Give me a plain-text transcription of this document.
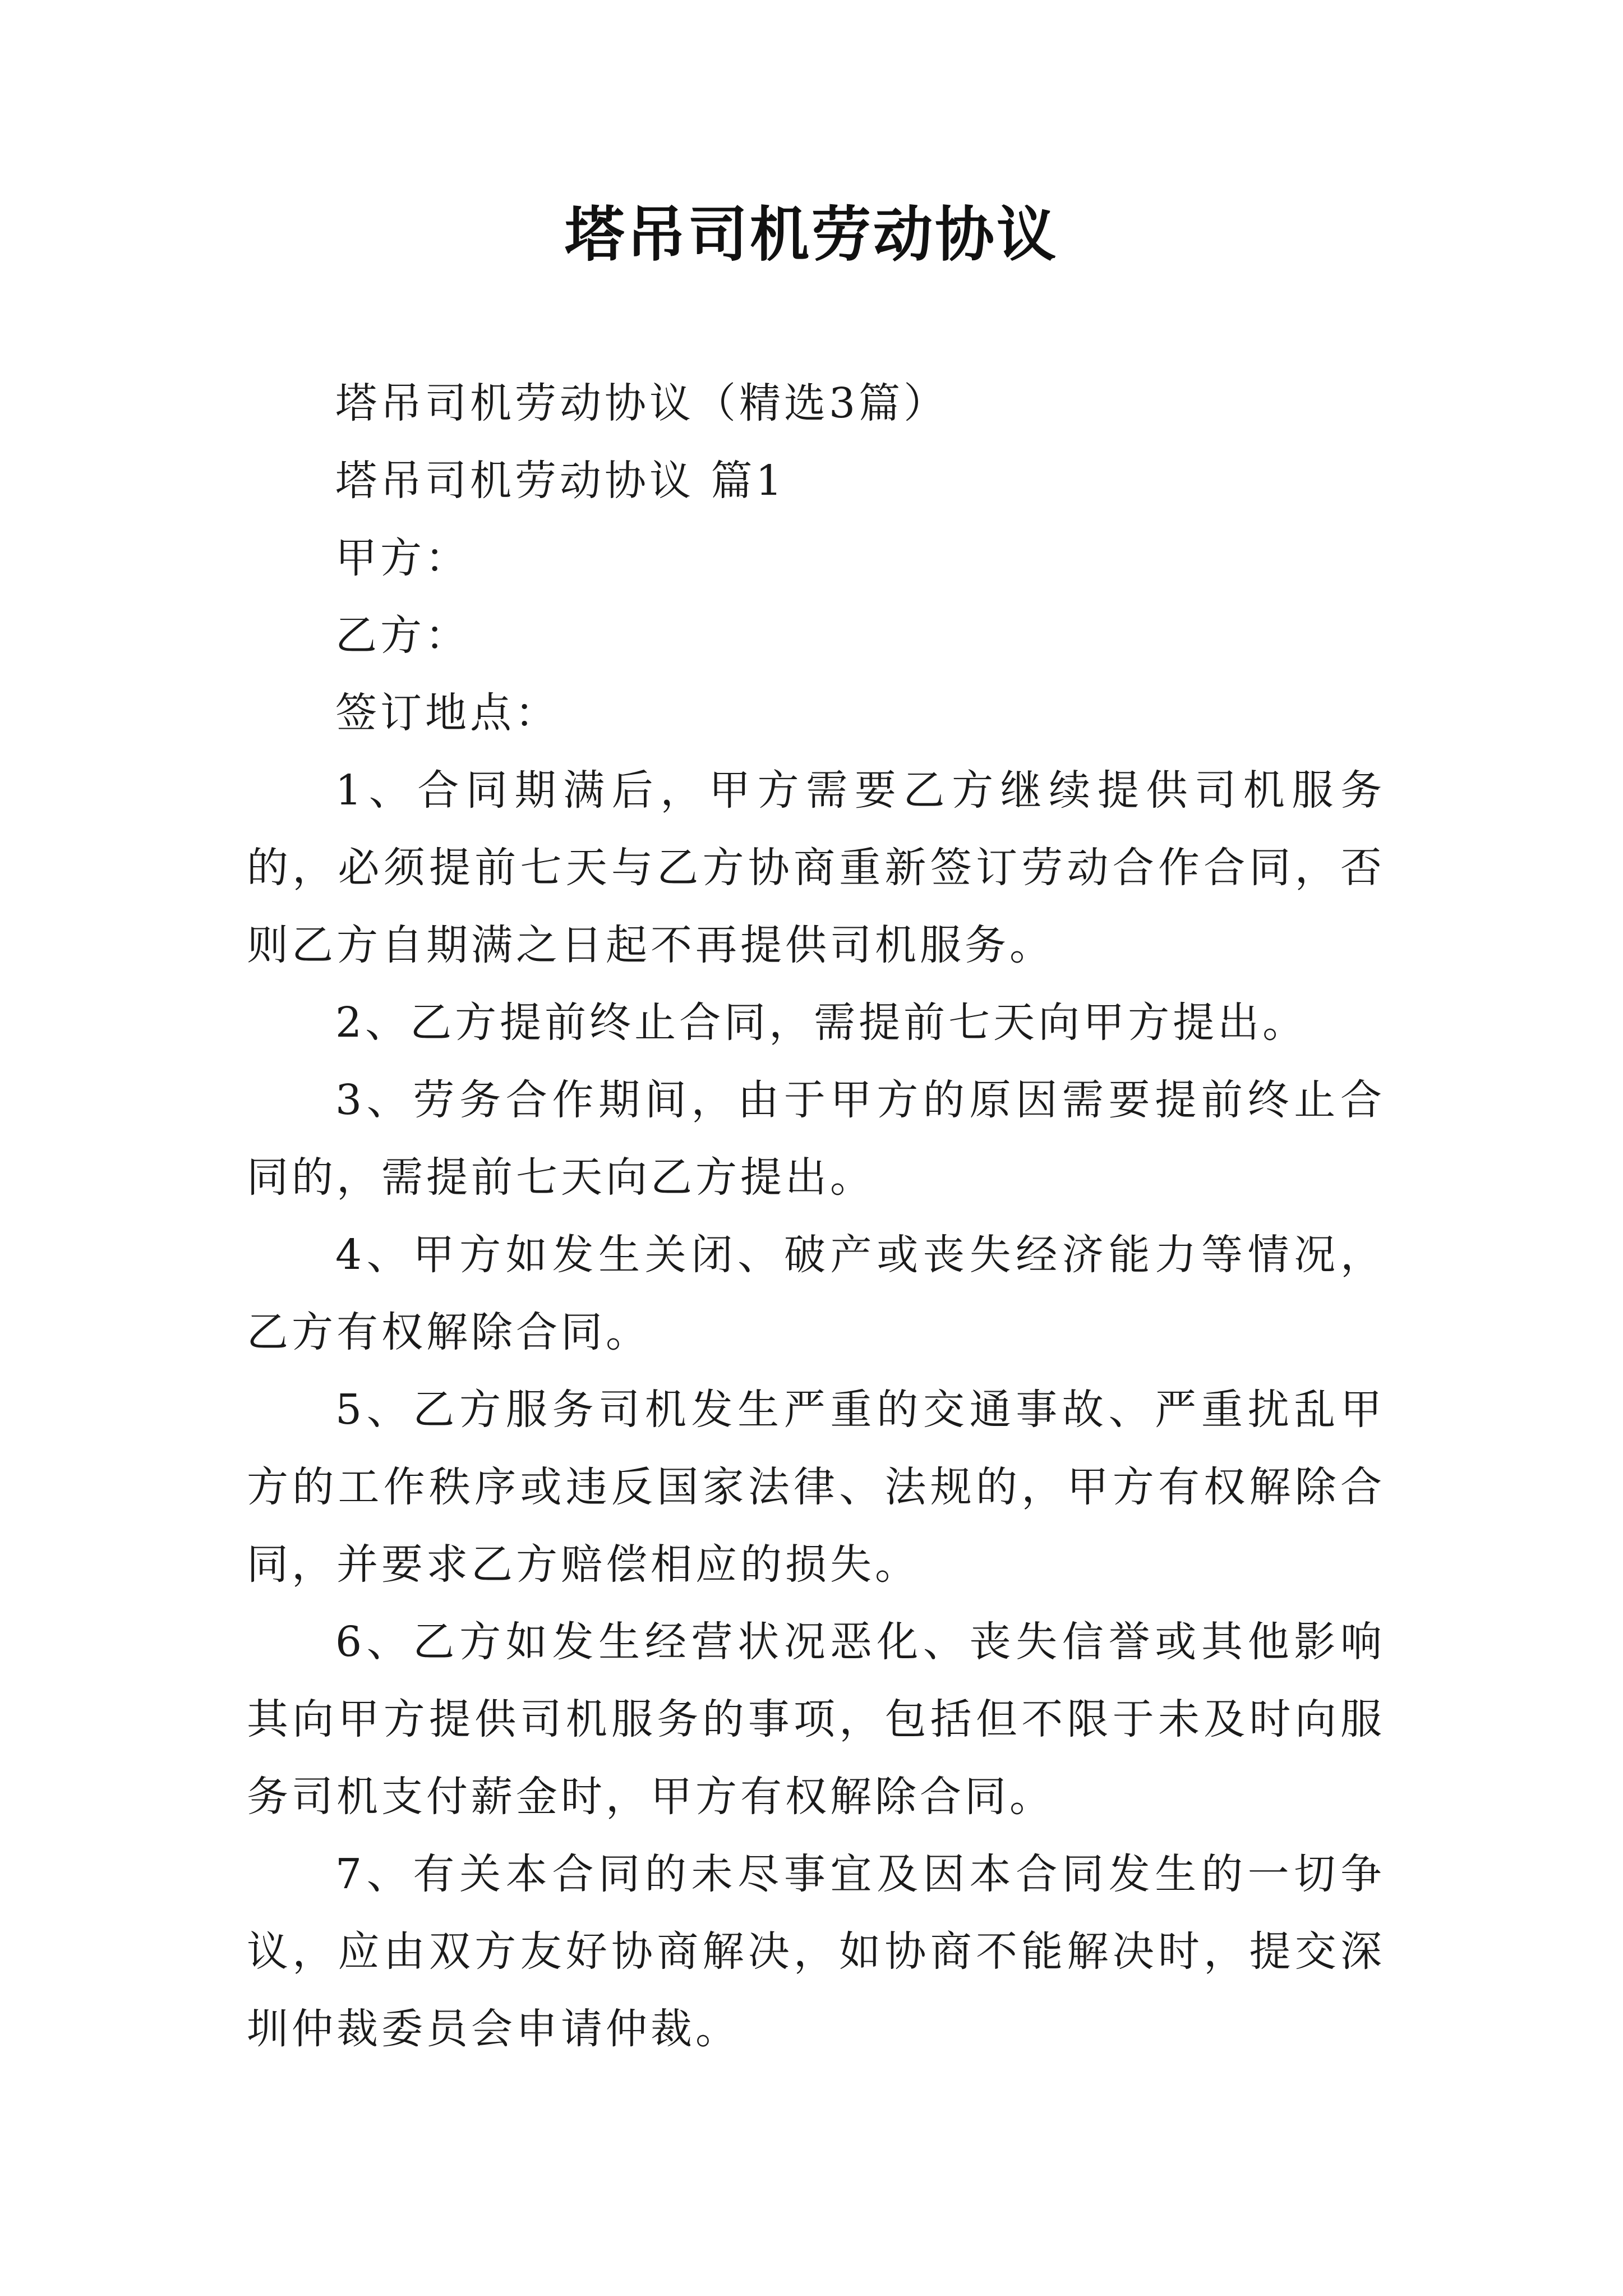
塔吊司机劳动协议

塔吊司机劳动协议（精选3篇）

塔吊司机劳动协议 篇1

甲方：

乙方：

签订地点：

1、合同期满后，甲方需要乙方继续提供司机服务的，必须提前七天与乙方协商重新签订劳动合作合同，否则乙方自期满之日起不再提供司机服务。

2、乙方提前终止合同，需提前七天向甲方提出。

3、劳务合作期间，由于甲方的原因需要提前终止合同的，需提前七天向乙方提出。

4、甲方如发生关闭、破产或丧失经济能力等情况，乙方有权解除合同。

5、乙方服务司机发生严重的交通事故、严重扰乱甲方的工作秩序或违反国家法律、法规的，甲方有权解除合同，并要求乙方赔偿相应的损失。

6、乙方如发生经营状况恶化、丧失信誉或其他影响其向甲方提供司机服务的事项，包括但不限于未及时向服务司机支付薪金时，甲方有权解除合同。

7、有关本合同的未尽事宜及因本合同发生的一切争议，应由双方友好协商解决，如协商不能解决时，提交深圳仲裁委员会申请仲裁。
